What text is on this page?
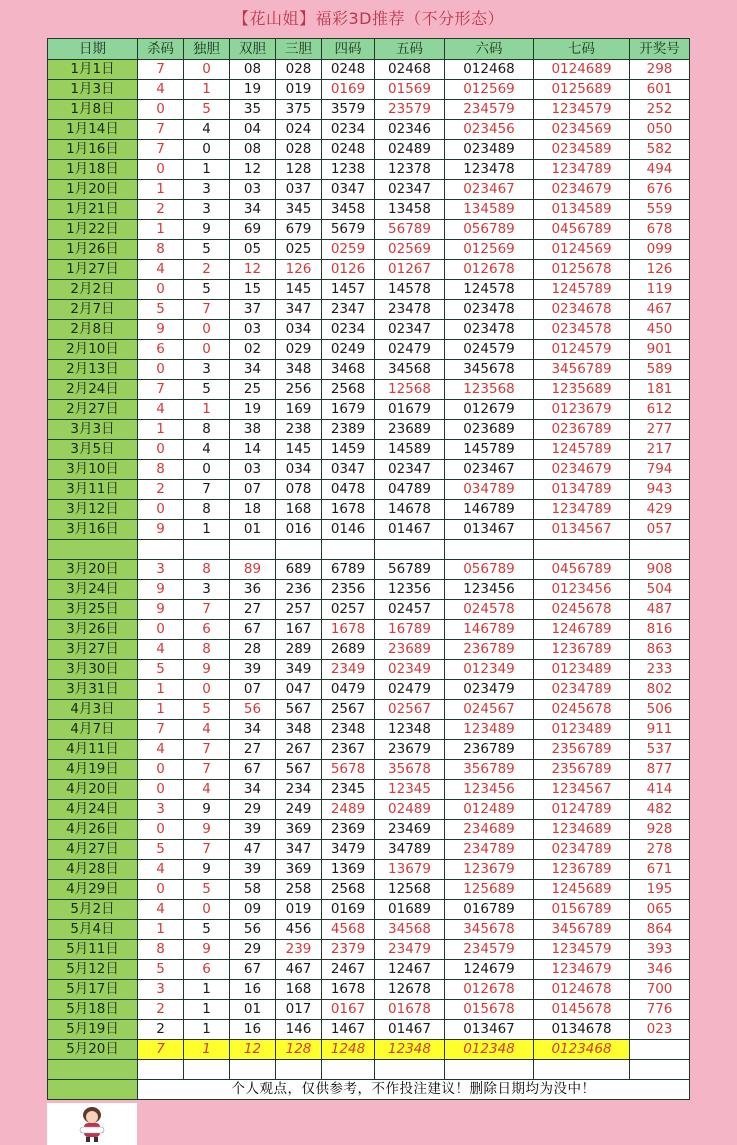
【花山姐】福彩3D推荐（不分形态）
日期	杀码	独胆	双胆	三胆	四码	五码	六码	七码	开奖号
1月1日	7	0	08	028	0248	02468	012468	0124689	298
1月3日	4	1	19	019	0169	01569	012569	0125689	601
1月8日	0	5	35	375	3579	23579	234579	1234579	252
1月14日	7	4	04	024	0234	02346	023456	0234569	050
1月16日	7	0	08	028	0248	02489	023489	0234589	582
1月18日	0	1	12	128	1238	12378	123478	1234789	494
1月20日	1	3	03	037	0347	02347	023467	0234679	676
1月21日	2	3	34	345	3458	13458	134589	0134589	559
1月22日	1	9	69	679	5679	56789	056789	0456789	678
1月26日	8	5	05	025	0259	02569	012569	0124569	099
1月27日	4	2	12	126	0126	01267	012678	0125678	126
2月2日	0	5	15	145	1457	14578	124578	1245789	119
2月7日	5	7	37	347	2347	23478	023478	0234678	467
2月8日	9	0	03	034	0234	02347	023478	0234578	450
2月10日	6	0	02	029	0249	02479	024579	0124579	901
2月13日	0	3	34	348	3468	34568	345678	3456789	589
2月24日	7	5	25	256	2568	12568	123568	1235689	181
2月27日	4	1	19	169	1679	01679	012679	0123679	612
3月3日	1	8	38	238	2389	23689	023689	0236789	277
3月5日	0	4	14	145	1459	14589	145789	1245789	217
3月10日	8	0	03	034	0347	02347	023467	0234679	794
3月11日	2	7	07	078	0478	04789	034789	0134789	943
3月12日	0	8	18	168	1678	14678	146789	1234789	429
3月16日	9	1	01	016	0146	01467	013467	0134567	057

3月20日	3	8	89	689	6789	56789	056789	0456789	908
3月24日	9	3	36	236	2356	12356	123456	0123456	504
3月25日	9	7	27	257	0257	02457	024578	0245678	487
3月26日	0	6	67	167	1678	16789	146789	1246789	816
3月27日	4	8	28	289	2689	23689	236789	1236789	863
3月30日	5	9	39	349	2349	02349	012349	0123489	233
3月31日	1	0	07	047	0479	02479	023479	0234789	802
4月3日	1	5	56	567	2567	02567	024567	0245678	506
4月7日	7	4	34	348	2348	12348	123489	0123489	911
4月11日	4	7	27	267	2367	23679	236789	2356789	537
4月19日	0	7	67	567	5678	35678	356789	2356789	877
4月20日	0	4	34	234	2345	12345	123456	1234567	414
4月24日	3	9	29	249	2489	02489	012489	0124789	482
4月26日	0	9	39	369	2369	23469	234689	1234689	928
4月27日	5	7	47	347	3479	34789	234789	0234789	278
4月28日	4	9	39	369	1369	13679	123679	1236789	671
4月29日	0	5	58	258	2568	12568	125689	1245689	195
5月2日	4	0	09	019	0169	01689	016789	0156789	065
5月4日	1	5	56	456	4568	34568	345678	3456789	864
5月11日	8	9	29	239	2379	23479	234579	1234579	393
5月12日	5	6	67	467	2467	12467	124679	1234679	346
5月17日	3	1	16	168	1678	12678	012678	0124678	700
5月18日	2	1	01	017	0167	01678	015678	0145678	776
5月19日	2	1	16	146	1467	01467	013467	0134678	023
5月20日	7	1	12	128	1248	12348	012348	0123468	

	个人观点，仅供参考，不作投注建议！删除日期均为没中！								
